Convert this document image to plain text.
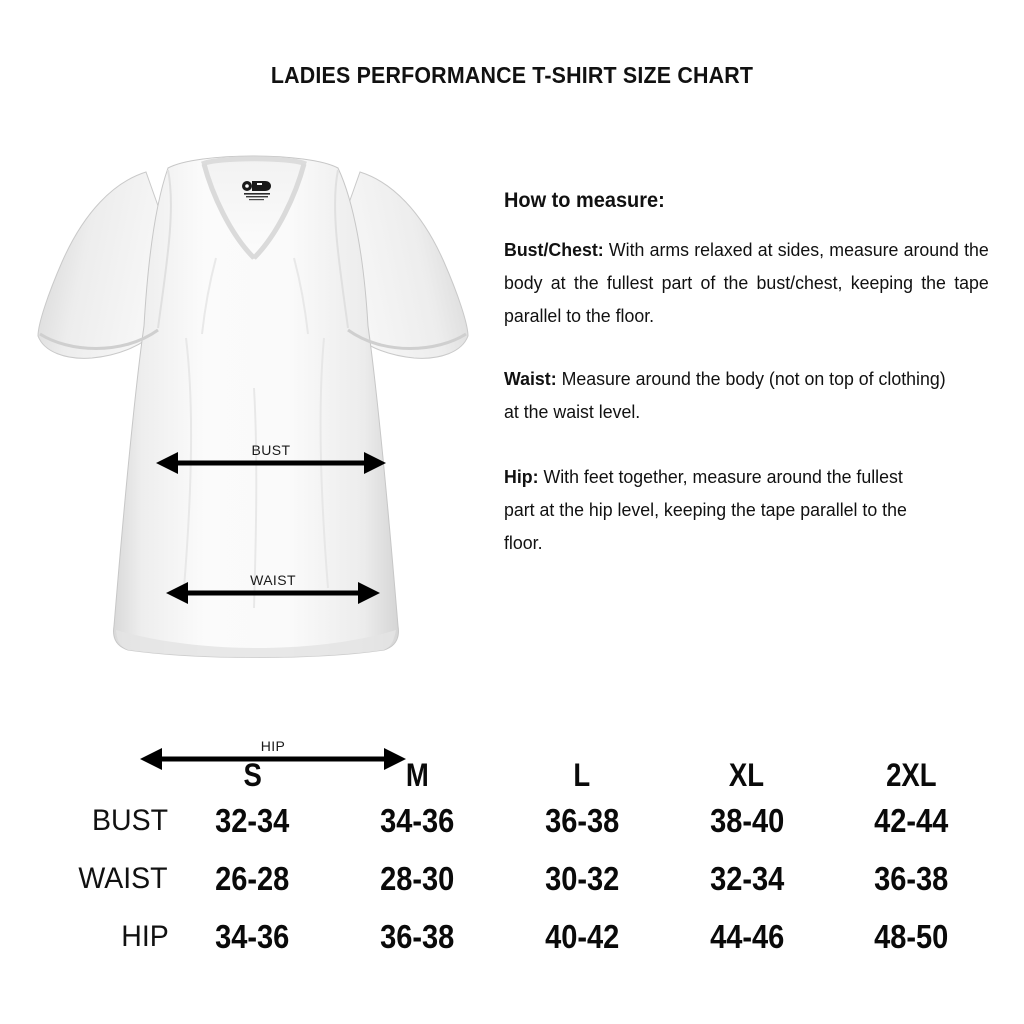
LADIES PERFORMANCE T-SHIRT SIZE CHART
BUST
WAIST
HIP
How to measure:

Bust/Chest: With arms relaxed at sides, measure around the body at the fullest part of the bust/chest, keeping the tape parallel to the floor.

Waist: Measure around the body (not on top of clothing) at the waist level.

Hip: With feet together, measure around the fullest part at the hip level, keeping the tape parallel to the floor.

	S	M	L	XL	2XL
BUST	32-34	34-36	36-38	38-40	42-44
WAIST	26-28	28-30	30-32	32-34	36-38
HIP	34-36	36-38	40-42	44-46	48-50
